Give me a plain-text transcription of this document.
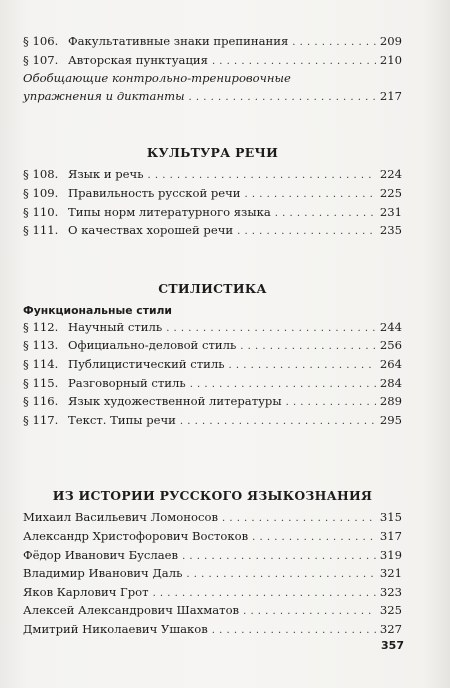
§ 106. Факультативные знаки препинания . . .	209
§ 107. Авторская пунктуация . . .	210
Обобщающие контрольно-тренировочные
упражнения и диктанты . . .	217
КУЛЬТУРА РЕЧИ
§ 108. Язык и речь . . .	224
§ 109. Правильность русской речи . . .	225
§ 110. Типы норм литературного языка . . .	231
§ 111. О качествах хорошей речи . . .	235
СТИЛИСТИКА
Функциональные стили
§ 112. Научный стиль . . .	244
§ 113. Официально-деловой стиль . . .	256
§ 114. Публицистический стиль . . .	264
§ 115. Разговорный стиль . . .	284
§ 116. Язык художественной литературы . . .	289
§ 117. Текст. Типы речи . . .	295
ИЗ ИСТОРИИ РУССКОГО ЯЗЫКОЗНАНИЯ
Михаил Васильевич Ломоносов . . .	315
Александр Христофорович Востоков . . .	317
Фёдор Иванович Буслаев . . .	319
Владимир Иванович Даль . . .	321
Яков Карлович Грот . . .	323
Алексей Александрович Шахматов . . .	325
Дмитрий Николаевич Ушаков . . .	327
357
